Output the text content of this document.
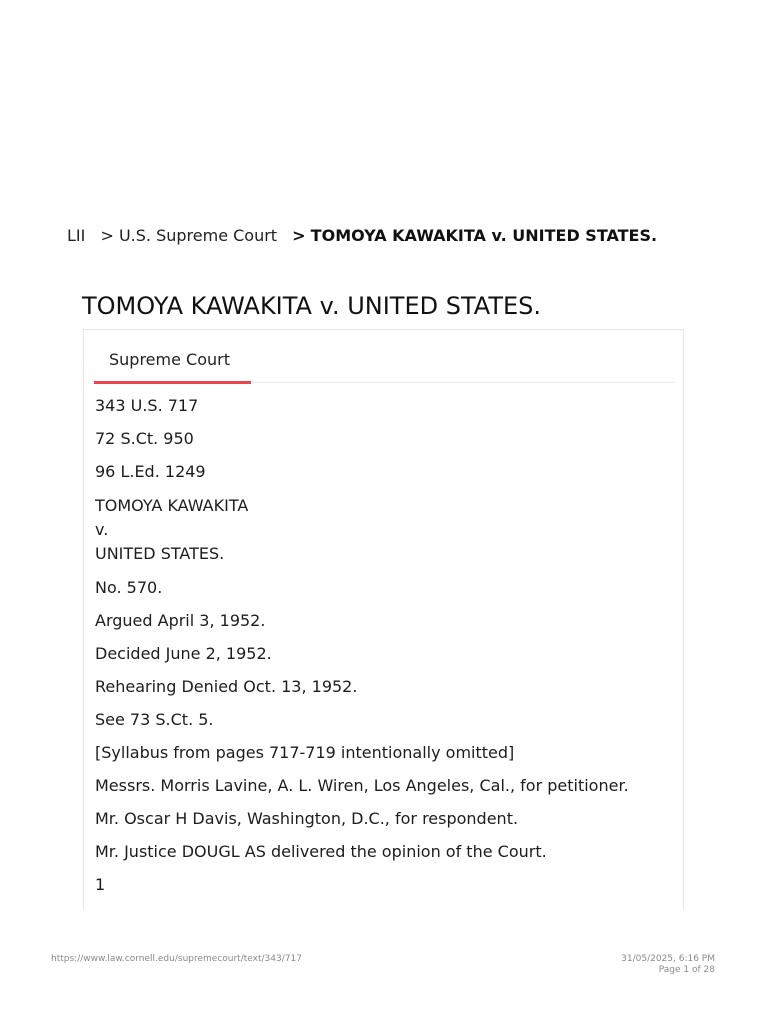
LII > U.S. Supreme Court > TOMOYA KAWAKITA v. UNITED STATES.
TOMOYA KAWAKITA v. UNITED STATES.
Supreme Court

343 U.S. 717

72 S.Ct. 950

96 L.Ed. 1249

TOMOYA KAWAKITA
v.
UNITED STATES.

No. 570.

Argued April 3, 1952.

Decided June 2, 1952.

Rehearing Denied Oct. 13, 1952.

See 73 S.Ct. 5.

[Syllabus from pages 717-719 intentionally omitted]

Messrs. Morris Lavine, A. L. Wiren, Los Angeles, Cal., for petitioner.

Mr. Oscar H Davis, Washington, D.C., for respondent.

Mr. Justice DOUGL AS delivered the opinion of the Court.

1

https://www.law.cornell.edu/supremecourt/text/343/717	31/05/2025, 6:16 PM
Page 1 of 28
